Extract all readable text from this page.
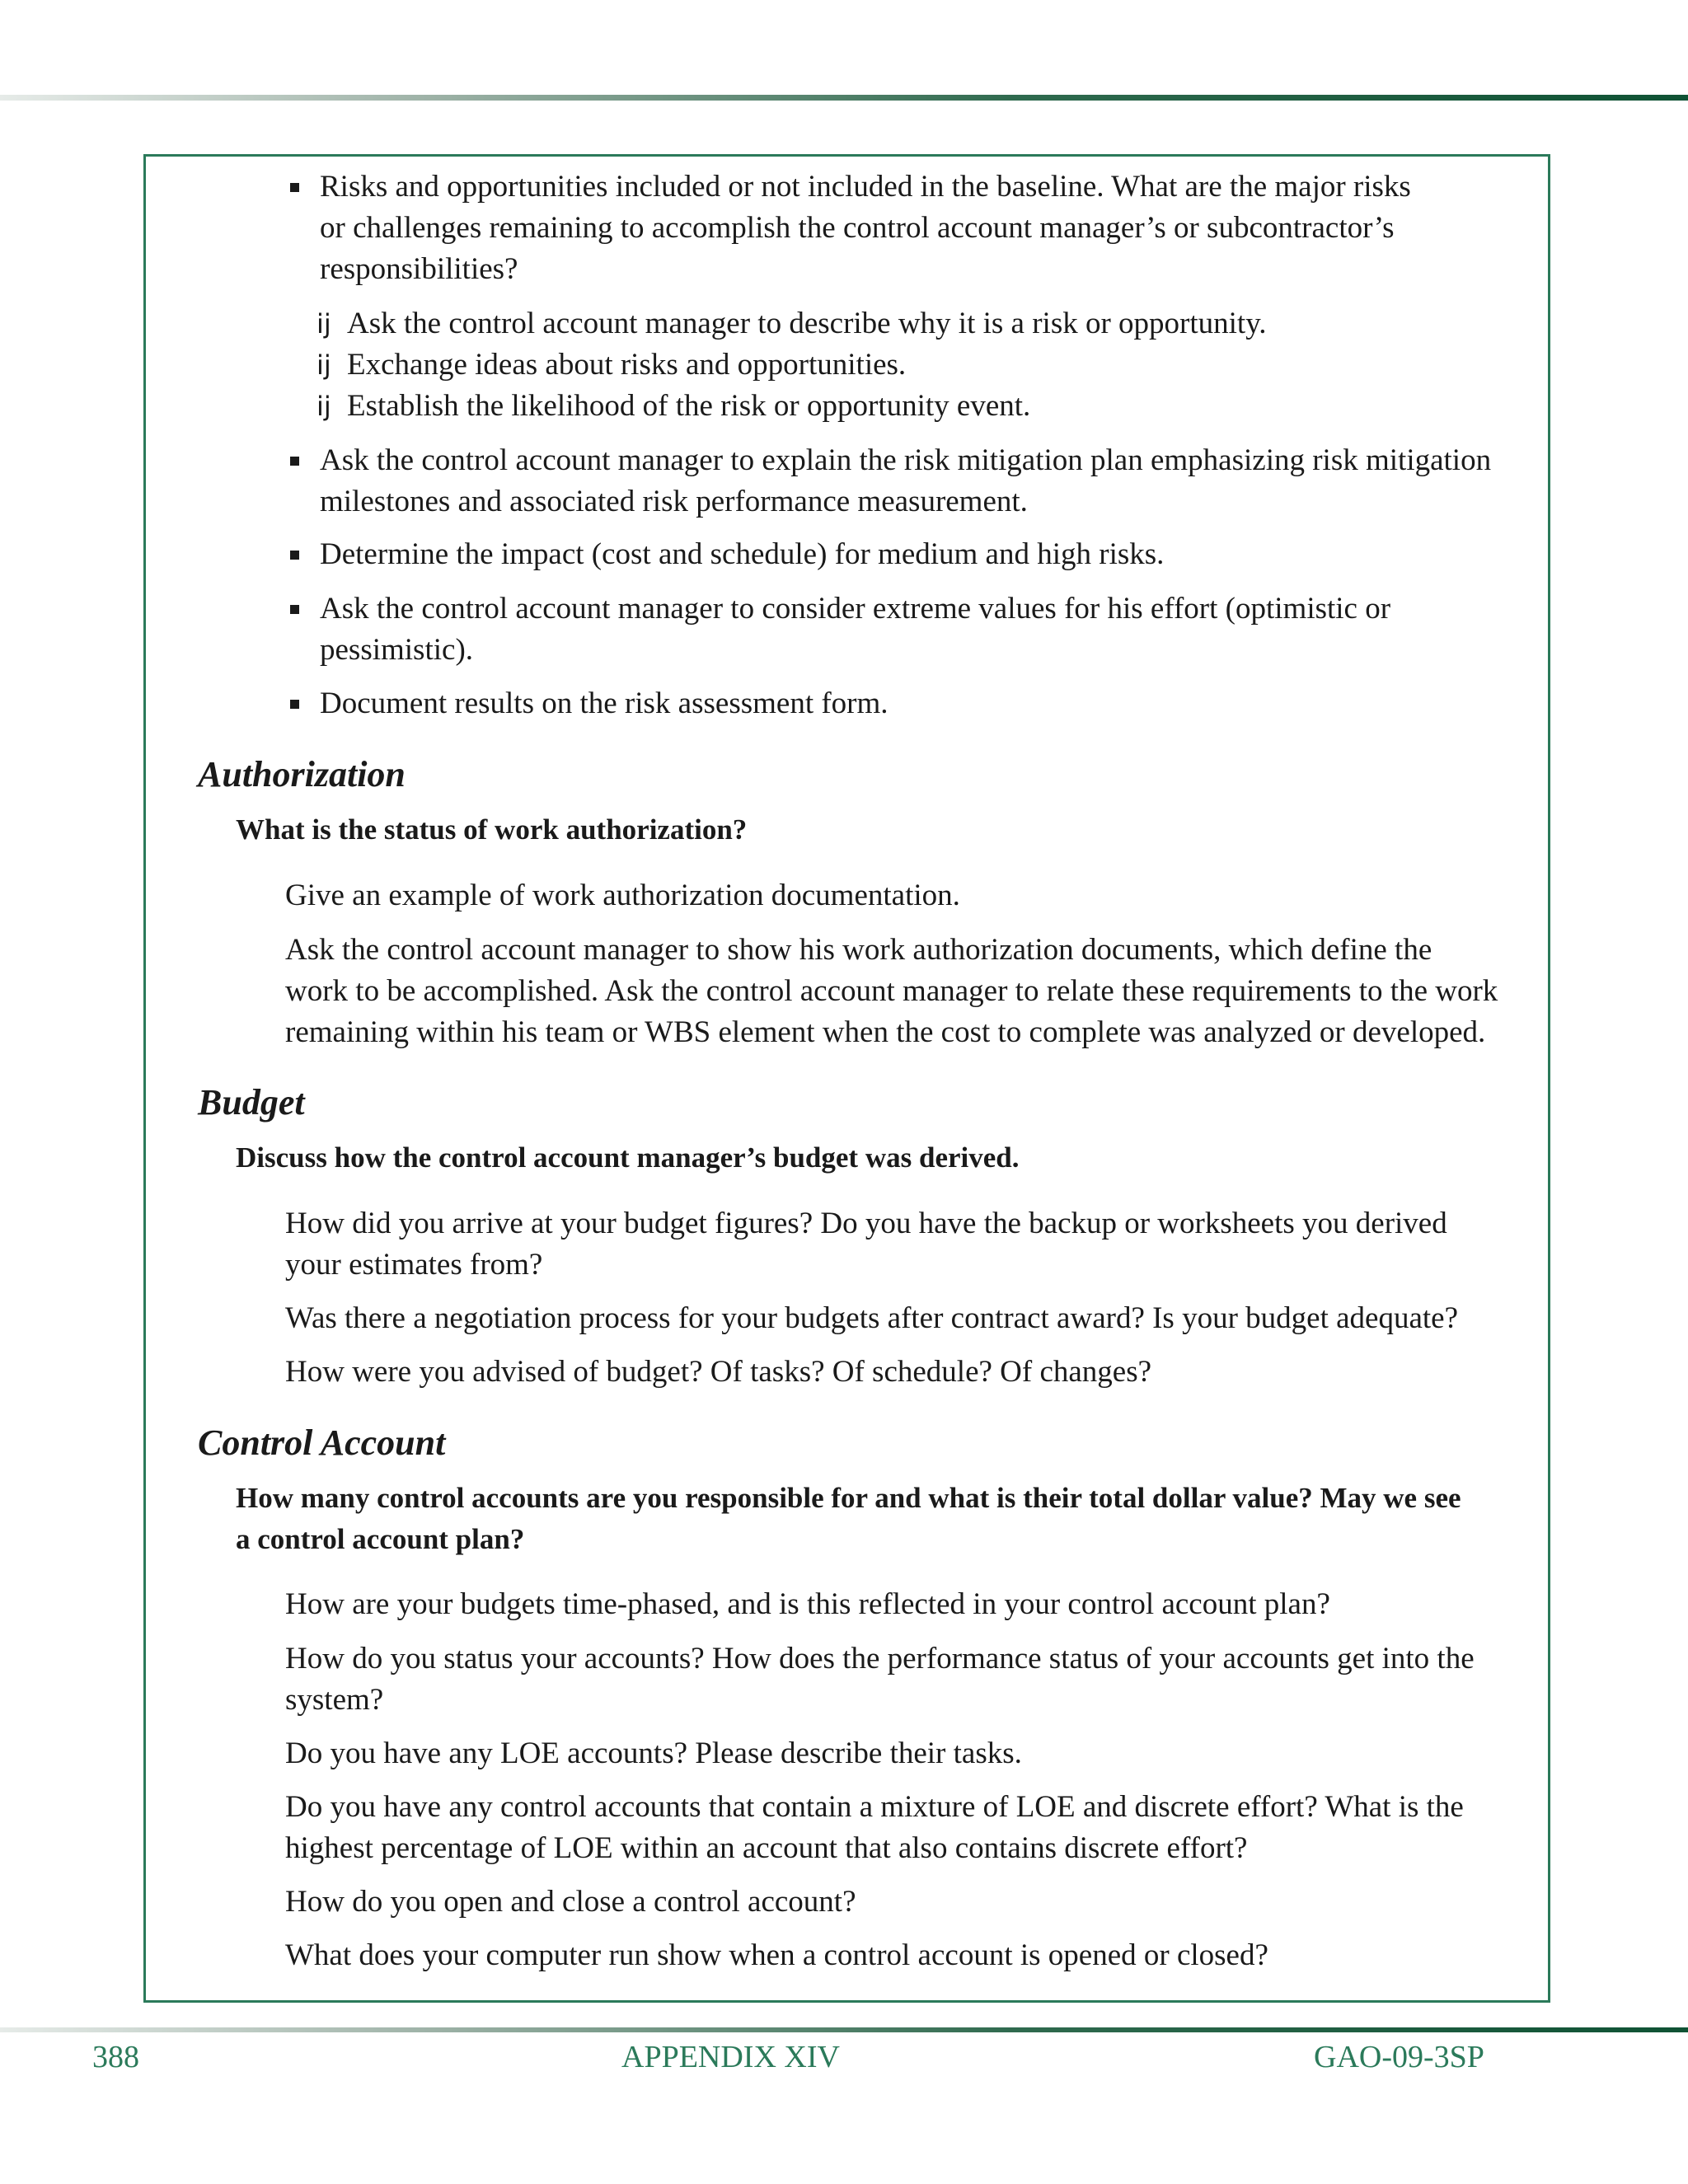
Risks and opportunities included or not included in the baseline. What are the major risks
or challenges remaining to accomplish the control account manager’s or subcontractor’s
responsibilities?
ij Ask the control account manager to describe why it is a risk or opportunity.
ij Exchange ideas about risks and opportunities.
ij Establish the likelihood of the risk or opportunity event.
Ask the control account manager to explain the risk mitigation plan emphasizing risk mitigation
milestones and associated risk performance measurement.
Determine the impact (cost and schedule) for medium and high risks.
Ask the control account manager to consider extreme values for his effort (optimistic or
pessimistic).
Document results on the risk assessment form.
Authorization
What is the status of work authorization?
Give an example of work authorization documentation.
Ask the control account manager to show his work authorization documents, which define the
work to be accomplished. Ask the control account manager to relate these requirements to the work
remaining within his team or WBS element when the cost to complete was analyzed or developed.
Budget
Discuss how the control account manager’s budget was derived.
How did you arrive at your budget figures? Do you have the backup or worksheets you derived
your estimates from?
Was there a negotiation process for your budgets after contract award? Is your budget adequate?
How were you advised of budget? Of tasks? Of schedule? Of changes?
Control Account
How many control accounts are you responsible for and what is their total dollar value? May we see
a control account plan?
How are your budgets time-phased, and is this reflected in your control account plan?
How do you status your accounts? How does the performance status of your accounts get into the
system?
Do you have any LOE accounts? Please describe their tasks.
Do you have any control accounts that contain a mixture of LOE and discrete effort? What is the
highest percentage of LOE within an account that also contains discrete effort?
How do you open and close a control account?
What does your computer run show when a control account is opened or closed?
388	APPENDIX XIV	GAO-09-3SP
